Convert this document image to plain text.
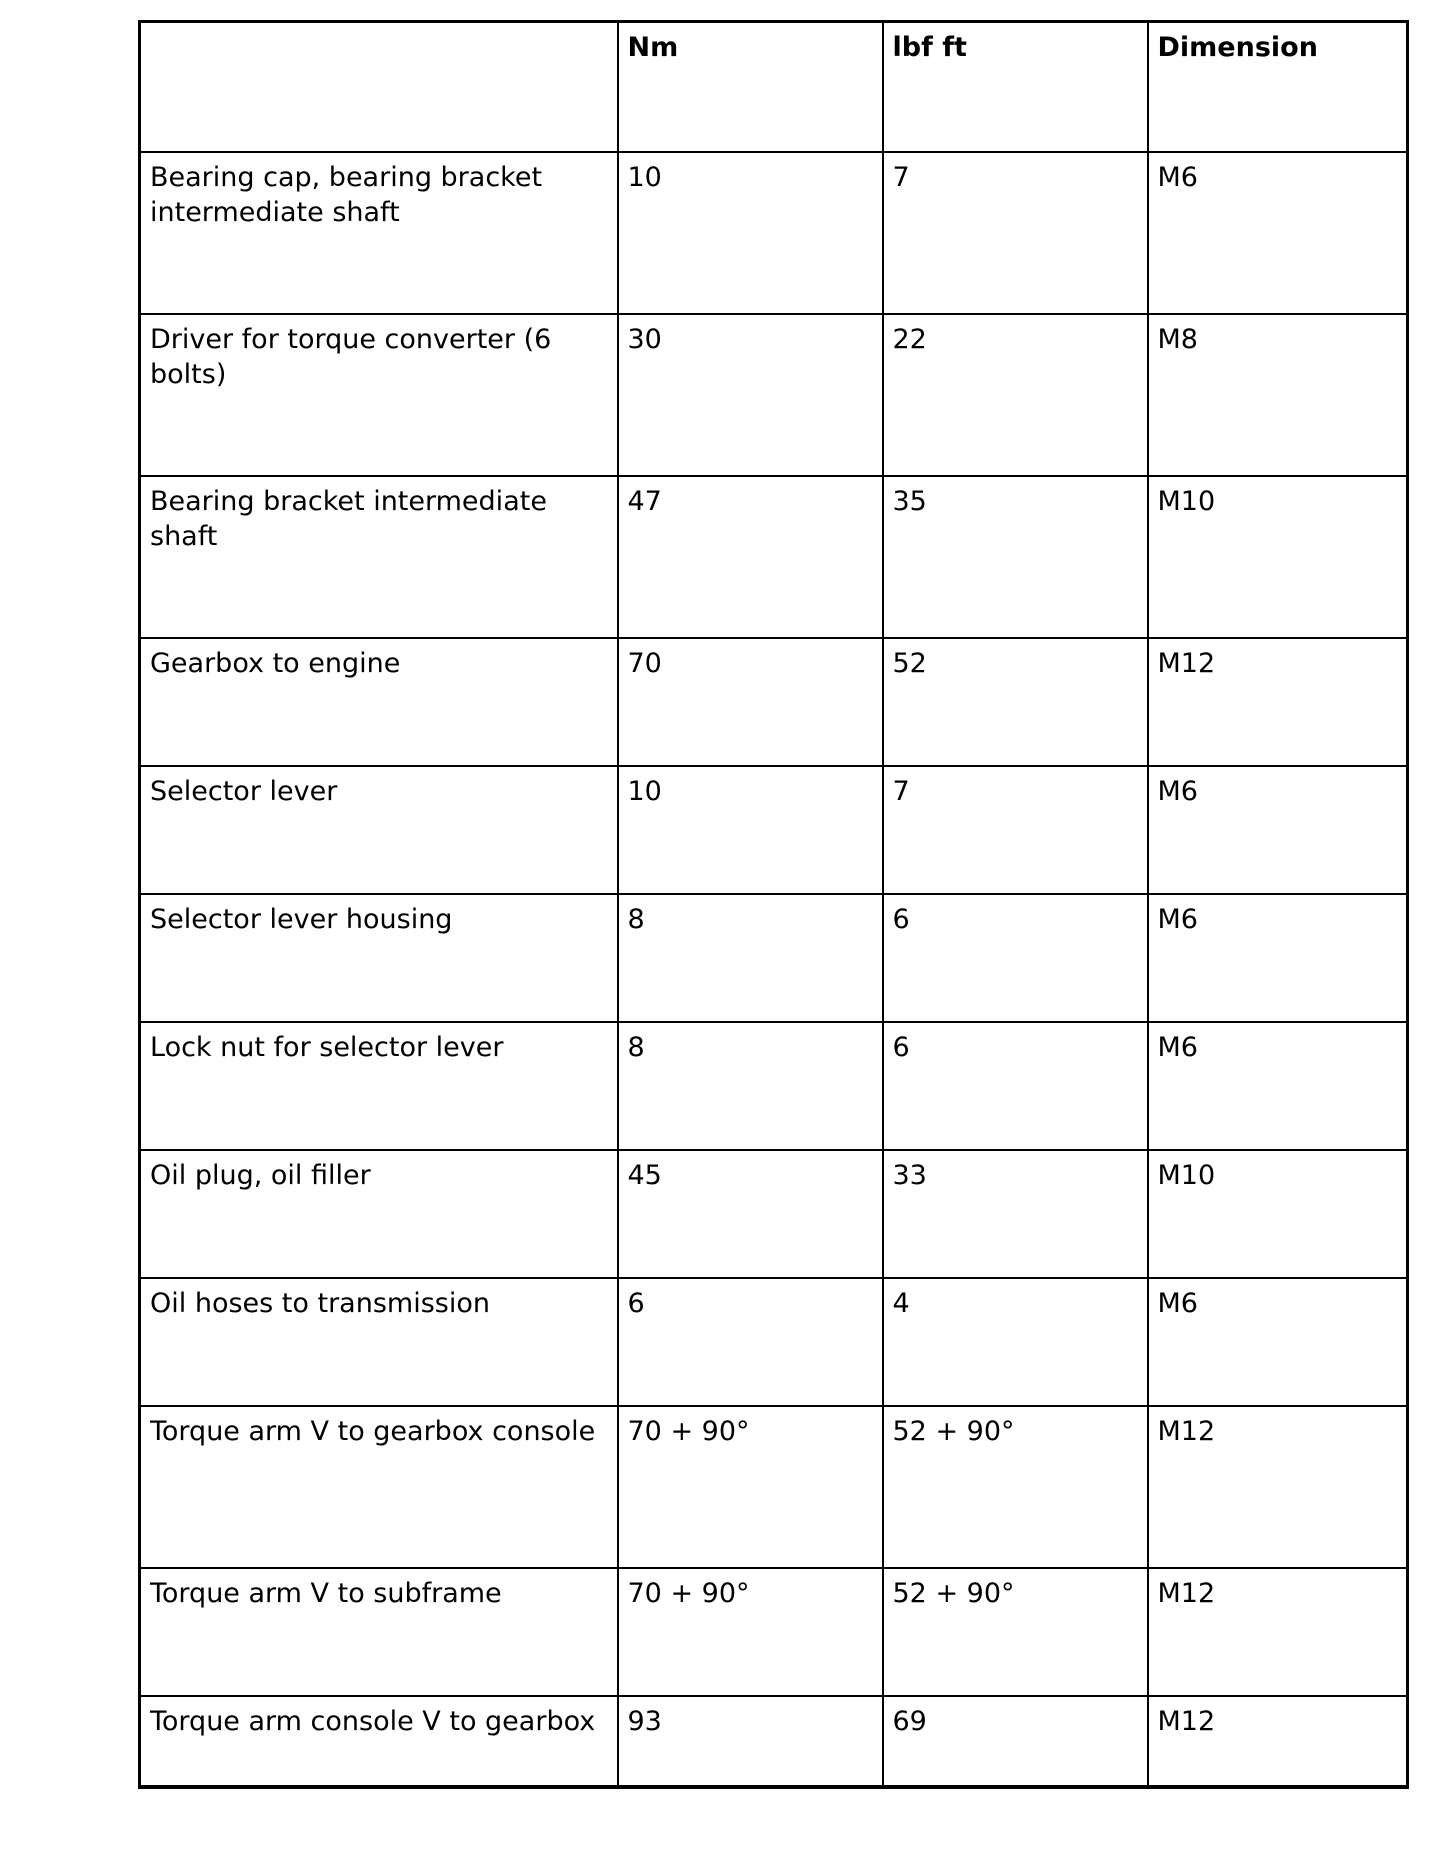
	Nm	lbf ft	Dimension
Bearing cap, bearing bracket intermediate shaft	10	7	M6
Driver for torque converter (6 bolts)	30	22	M8
Bearing bracket intermediate shaft	47	35	M10
Gearbox to engine	70	52	M12
Selector lever	10	7	M6
Selector lever housing	8	6	M6
Lock nut for selector lever	8	6	M6
Oil plug, oil filler	45	33	M10
Oil hoses to transmission	6	4	M6
Torque arm V to gearbox console	70 + 90°	52 + 90°	M12
Torque arm V to subframe	70 + 90°	52 + 90°	M12
Torque arm console V to gearbox	93	69	M12
